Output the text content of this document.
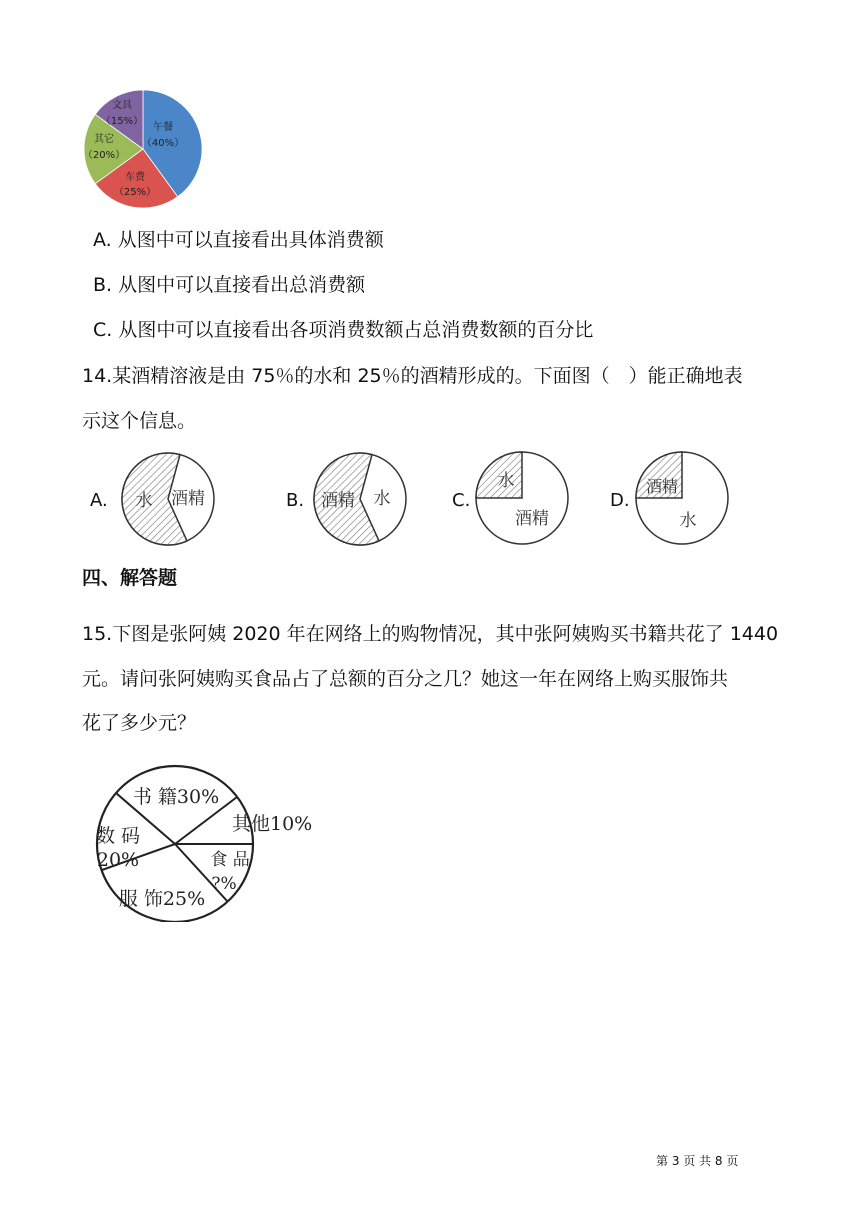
午餐
（40%）
车费
（25%）
其它
（20%）
文具
（15%）
A. 从图中可以直接看出具体消费额
B. 从图中可以直接看出总消费额
C. 从图中可以直接看出各项消费数额占总消费数额的百分比
14.某酒精溶液是由 75％的水和 25％的酒精形成的。下面图（　）能正确地表
示这个信息。
A. 水 酒精	B. 酒精 水	C.
水
酒精
D.
酒精
水
四、解答题
15.下图是张阿姨 2020 年在网络上的购物情况，其中张阿姨购买书籍共花了 1440
元。请问张阿姨购买食品占了总额的百分之几？她这一年在网络上购买服饰共
花了多少元？
书 籍30%
其他10%
食 品
?%
服 饰25%
数 码
20%
第 3 页 共 8 页
